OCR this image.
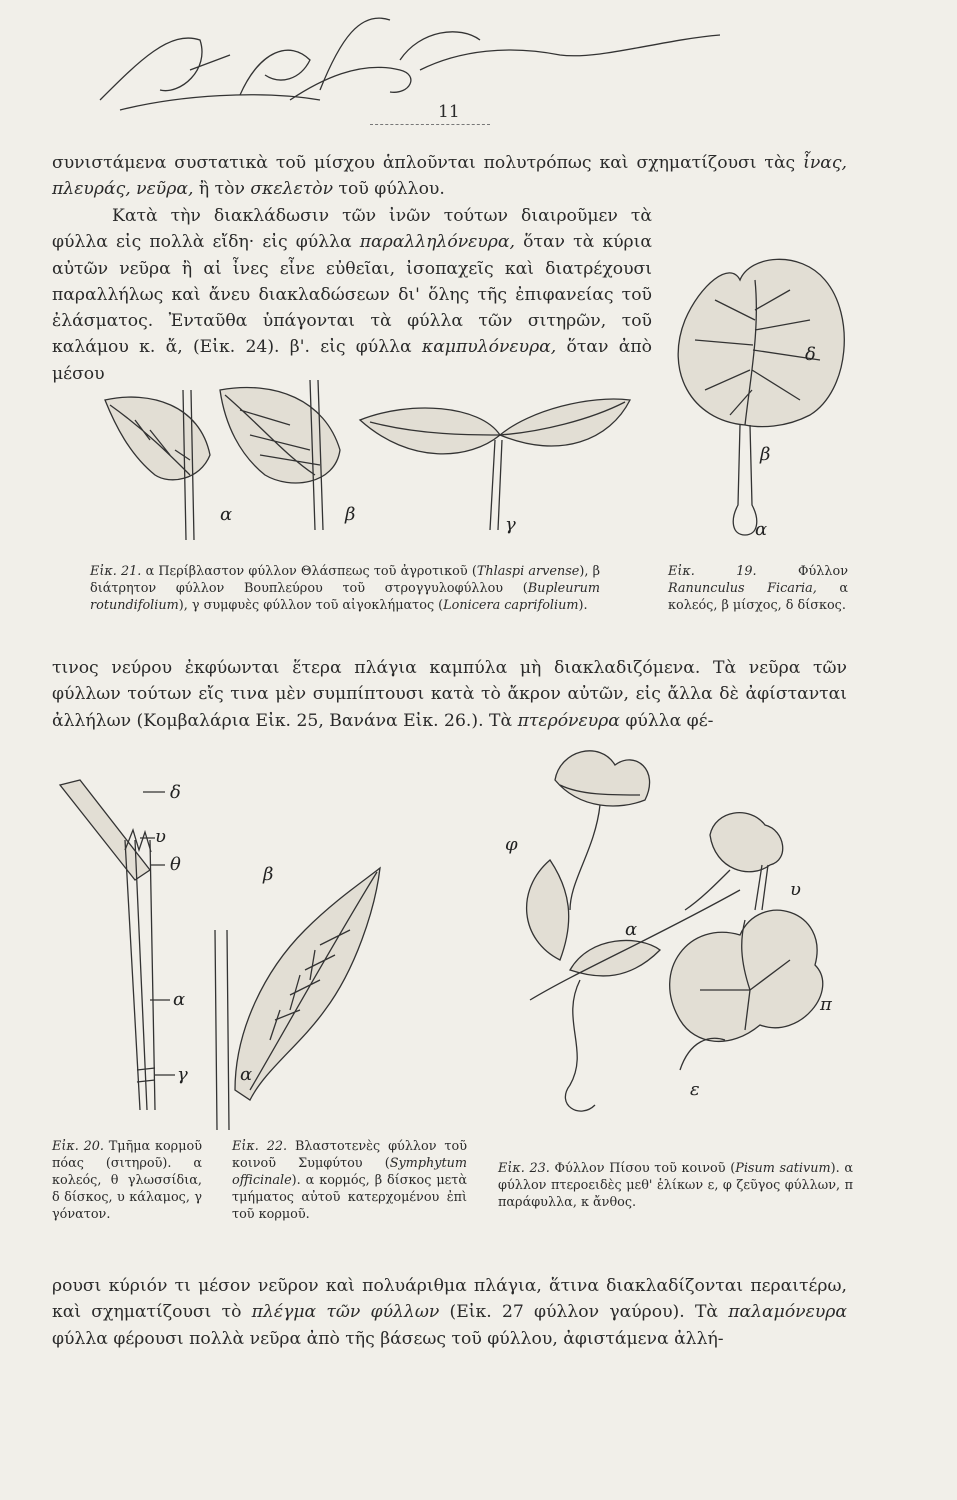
11

συνιστάμενα συστατικὰ τοῦ μίσχου ἁπλοῦνται πολυτρόπως καὶ σχηματίζουσι τὰς ἶνας, πλευράς, νεῦρα, ἢ τὸν σκελετὸν τοῦ φύλλου.

Κατὰ τὴν διακλάδωσιν τῶν ἰνῶν τούτων διαιροῦμεν τὰ φύλλα εἰς πολλὰ εἴδη· εἰς φύλλα παραλληλόνευρα, ὅταν τὰ κύρια αὐτῶν νεῦρα ἢ αἱ ἶνες εἶνε εὐθεῖαι, ἰσοπαχεῖς καὶ διατρέχουσι παραλλήλως καὶ ἄνευ διακλαδώσεων δι' ὅλης τῆς ἐπιφανείας τοῦ ἐλάσματος. Ἐνταῦθα ὑπάγονται τὰ φύλλα τῶν σιτηρῶν, τοῦ καλάμου κ. ἄ, (Εἰκ. 24). β'. εἰς φύλλα καμπυλόνευρα, ὅταν ἀπὸ μέσου

δ
β
α
α	β	γ

Εἰκ. 21. α Περίβλαστον φύλλον Θλάσπεως τοῦ ἀγροτικοῦ (Thlaspi arvense), β διάτρητον φύλλον Βουπλεύρου τοῦ στρογγυλοφύλλου (Bupleurum rotundifolium), γ συμφυὲς φύλλον τοῦ αἰγοκλήματος (Lonicera caprifolium).

Εἰκ. 19. Φύλλον Ranunculus Ficaria, α κολεός, β μίσχος, δ δίσκος.

τινος νεύρου ἐκφύωνται ἕτερα πλάγια καμπύλα μὴ διακλαδιζόμενα. Τὰ νεῦρα τῶν φύλλων τούτων εἴς τινα μὲν συμπίπτουσι κατὰ τὸ ἄκρον αὐτῶν, εἰς ἄλλα δὲ ἀφίστανται ἀλλήλων (Κομβαλάρια Εἰκ. 25, Βανάνα Εἰκ. 26.). Τὰ πτερόνευρα φύλλα φέ-

δ
υ
θ
α
γ
β
α

Εἰκ. 20. Τμῆμα κορμοῦ πόας (σιτηροῦ). α κολεός, θ γλωσσίδια, δ δίσκος, υ κάλαμος, γ γόνατον.

Εἰκ. 22. Βλαστοτενὲς φύλλον τοῦ κοινοῦ Συμφύτου (Symphytum officinale). α κορμός, β δίσκος μετὰ τμήματος αὐτοῦ κατερχομένου ἐπὶ τοῦ κορμοῦ.

φ
υ
α
π
ε

Εἰκ. 23. Φύλλον Πίσου τοῦ κοινοῦ (Pisum sativum). α φύλλον πτεροειδὲς μεθ' ἑλίκων ε, φ ζεῦγος φύλλων, π παράφυλλα, κ ἄνθος.

ρουσι κύριόν τι μέσον νεῦρον καὶ πολυάριθμα πλάγια, ἅτινα διακλαδίζονται περαιτέρω, καὶ σχηματίζουσι τὸ πλέγμα τῶν φύλλων (Εἰκ. 27 φύλλον γαύρου). Τὰ παλαμόνευρα φύλλα φέρουσι πολλὰ νεῦρα ἀπὸ τῆς βάσεως τοῦ φύλλου, ἀφιστάμενα ἀλλή-
